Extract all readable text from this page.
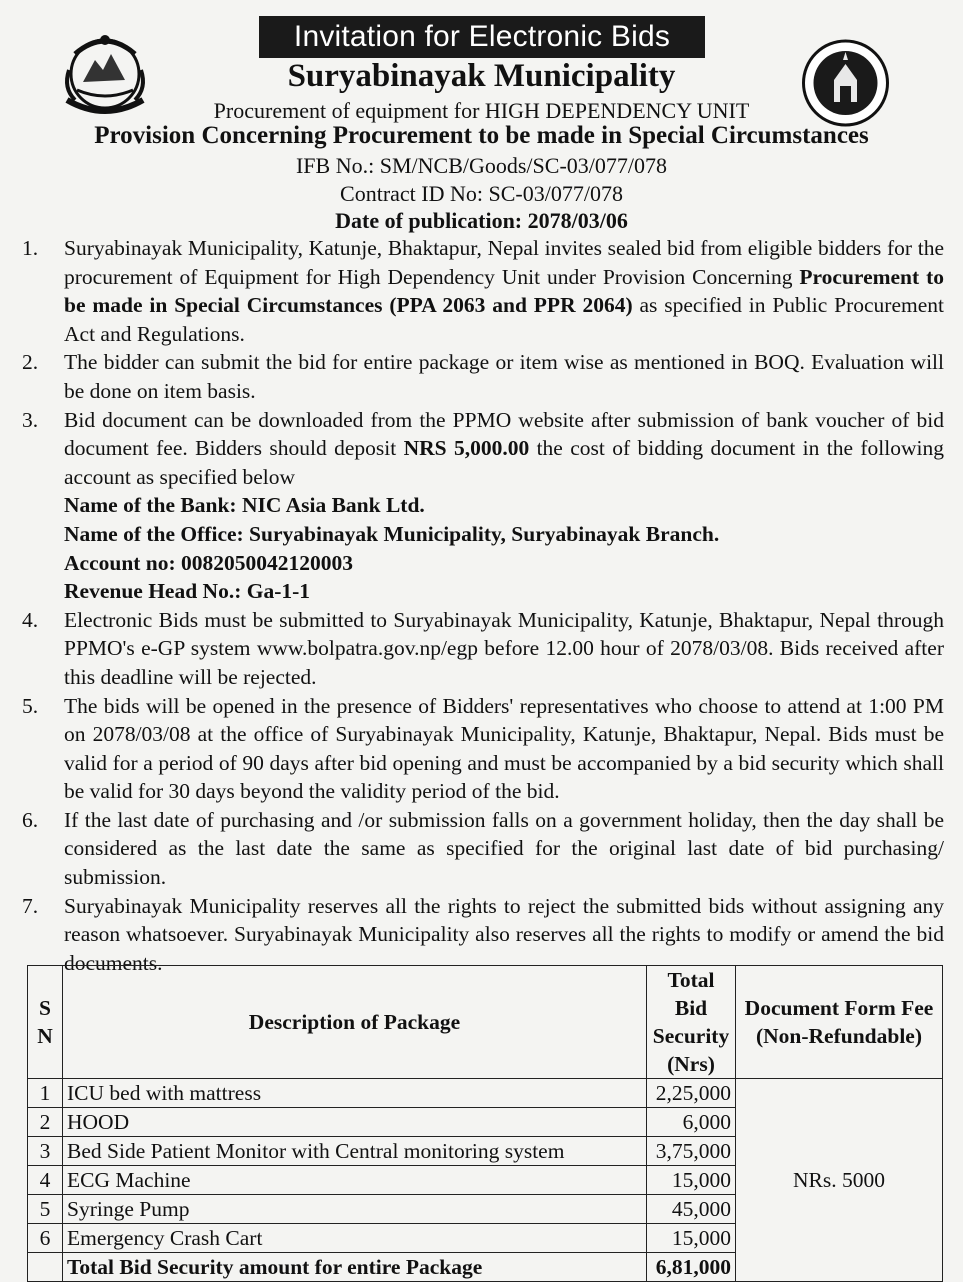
Invitation for Electronic Bids
Suryabinayak Municipality
Procurement of equipment for HIGH DEPENDENCY UNIT
Provision Concerning Procurement to be made in Special Circumstances
IFB No.: SM/NCB/Goods/SC-03/077/078
Contract ID No: SC-03/077/078
Date of publication: 2078/03/06
1. Suryabinayak Municipality, Katunje, Bhaktapur, Nepal invites sealed bid from eligible bidders for the procurement of Equipment for High Dependency Unit under Provision Concerning Procurement to be made in Special Circumstances (PPA 2063 and PPR 2064) as specified in Public Procurement Act and Regulations.

2. The bidder can submit the bid for entire package or item wise as mentioned in BOQ. Evaluation will be done on item basis.

3. Bid document can be downloaded from the PPMO website after submission of bank voucher of bid document fee. Bidders should deposit NRS 5,000.00 the cost of bidding document in the following account as specified below

Name of the Bank: NIC Asia Bank Ltd.
Name of the Office: Suryabinayak Municipality, Suryabinayak Branch.
Account no: 0082050042120003
Revenue Head No.: Ga-1-1
4. Electronic Bids must be submitted to Suryabinayak Municipality, Katunje, Bhaktapur, Nepal through PPMO's e-GP system www.bolpatra.gov.np/egp before 12.00 hour of 2078/03/08. Bids received after this deadline will be rejected.

5. The bids will be opened in the presence of Bidders' representatives who choose to attend at 1:00 PM on 2078/03/08 at the office of Suryabinayak Municipality, Katunje, Bhaktapur, Nepal. Bids must be valid for a period of 90 days after bid opening and must be accompanied by a bid security which shall be valid for 30 days beyond the validity period of the bid.

6. If the last date of purchasing and /or submission falls on a government holiday, then the day shall be considered as the last date the same as specified for the original last date of bid purchasing/ submission.

7. Suryabinayak Municipality reserves all the rights to reject the submitted bids without assigning any reason whatsoever. Suryabinayak Municipality also reserves all the rights to modify or amend the bid documents.

S N	Description of Package	Total Bid Security (Nrs)	Document Form Fee (Non-Refundable)
1	ICU bed with mattress	2,25,000	NRs. 5000
2	HOOD	6,000	
3	Bed Side Patient Monitor with Central monitoring system	3,75,000	
4	ECG Machine	15,000	
5	Syringe Pump	45,000	
6	Emergency Crash Cart	15,000	
	Total Bid Security amount for entire Package	6,81,000	
